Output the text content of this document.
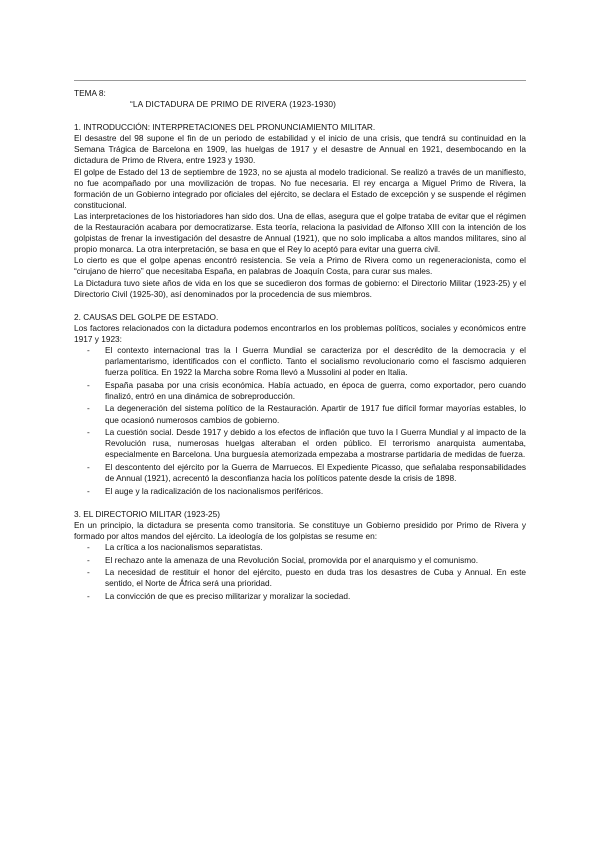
TEMA 8:

“LA DICTADURA DE PRIMO DE RIVERA (1923-1930)

1. INTRODUCCIÓN: INTERPRETACIONES DEL PRONUNCIAMIENTO MILITAR.

El desastre del 98 supone el fin de un periodo de estabilidad y el inicio de una crisis, que tendrá su continuidad en la Semana Trágica de Barcelona en 1909, las huelgas de 1917 y el desastre de Annual en 1921, desembocando en la dictadura de Primo de Rivera, entre 1923 y 1930.

El golpe de Estado del 13 de septiembre de 1923, no se ajusta al modelo tradicional. Se realizó a través de un manifiesto, no fue acompañado por una movilización de tropas. No fue necesaria. El rey encarga a Miguel Primo de Rivera, la formación de un Gobierno integrado por oficiales del ejército, se declara el Estado de excepción y se suspende el régimen constitucional.

Las interpretaciones de los historiadores han sido dos. Una de ellas, asegura que el golpe trataba de evitar que el régimen de la Restauración acabara por democratizarse. Esta teoría, relaciona la pasividad de Alfonso XIII con la intención de los golpistas de frenar la investigación del desastre de Annual (1921), que no solo implicaba a altos mandos militares, sino al propio monarca. La otra interpretación, se basa en que el Rey lo aceptó para evitar una guerra civil.

Lo cierto es que el golpe apenas encontró resistencia. Se veía a Primo de Rivera como un regeneracionista, como el “cirujano de hierro” que necesitaba España, en palabras de Joaquín Costa, para curar sus males.

La Dictadura tuvo siete años de vida en los que se sucedieron dos formas de gobierno: el Directorio Militar (1923-25) y el Directorio Civil (1925-30), así denominados por la procedencia de sus miembros.

2. CAUSAS DEL GOLPE DE ESTADO.

Los factores relacionados con la dictadura podemos encontrarlos en los problemas políticos, sociales y económicos entre 1917 y 1923:

- El contexto internacional tras la I Guerra Mundial se caracteriza por el descrédito de la democracia y el parlamentarismo, identificados con el conflicto. Tanto el socialismo revolucionario como el fascismo adquieren fuerza política. En 1922 la Marcha sobre Roma llevó a Mussolini al poder en Italia.
- España pasaba por una crisis económica. Había actuado, en época de guerra, como exportador, pero cuando finalizó, entró en una dinámica de sobreproducción.
- La degeneración del sistema político de la Restauración. Apartir de 1917 fue difícil formar mayorías estables, lo que ocasionó numerosos cambios de gobierno.
- La cuestión social. Desde 1917 y debido a los efectos de inflación que tuvo la I Guerra Mundial y al impacto de la Revolución rusa, numerosas huelgas alteraban el orden público. El terrorismo anarquista aumentaba, especialmente en Barcelona. Una burguesía atemorizada empezaba a mostrarse partidaria de medidas de fuerza.
- El descontento del ejército por la Guerra de Marruecos. El Expediente Picasso, que señalaba responsabilidades de Annual (1921), acrecentó la desconfianza hacia los políticos patente desde la crisis de 1898.
- El auge y la radicalización de los nacionalismos periféricos.

3. EL DIRECTORIO MILITAR (1923-25)

En un principio, la dictadura se presenta como transitoria. Se constituye un Gobierno presidido por Primo de Rivera y formado por altos mandos del ejército. La ideología de los golpistas se resume en:

- La crítica a los nacionalismos separatistas.
- El rechazo ante la amenaza de una Revolución Social, promovida por el anarquismo y el comunismo.
- La necesidad de restituir el honor del ejército, puesto en duda tras los desastres de Cuba y Annual. En este sentido, el Norte de África será una prioridad.
- La convicción de que es preciso militarizar y moralizar la sociedad.
